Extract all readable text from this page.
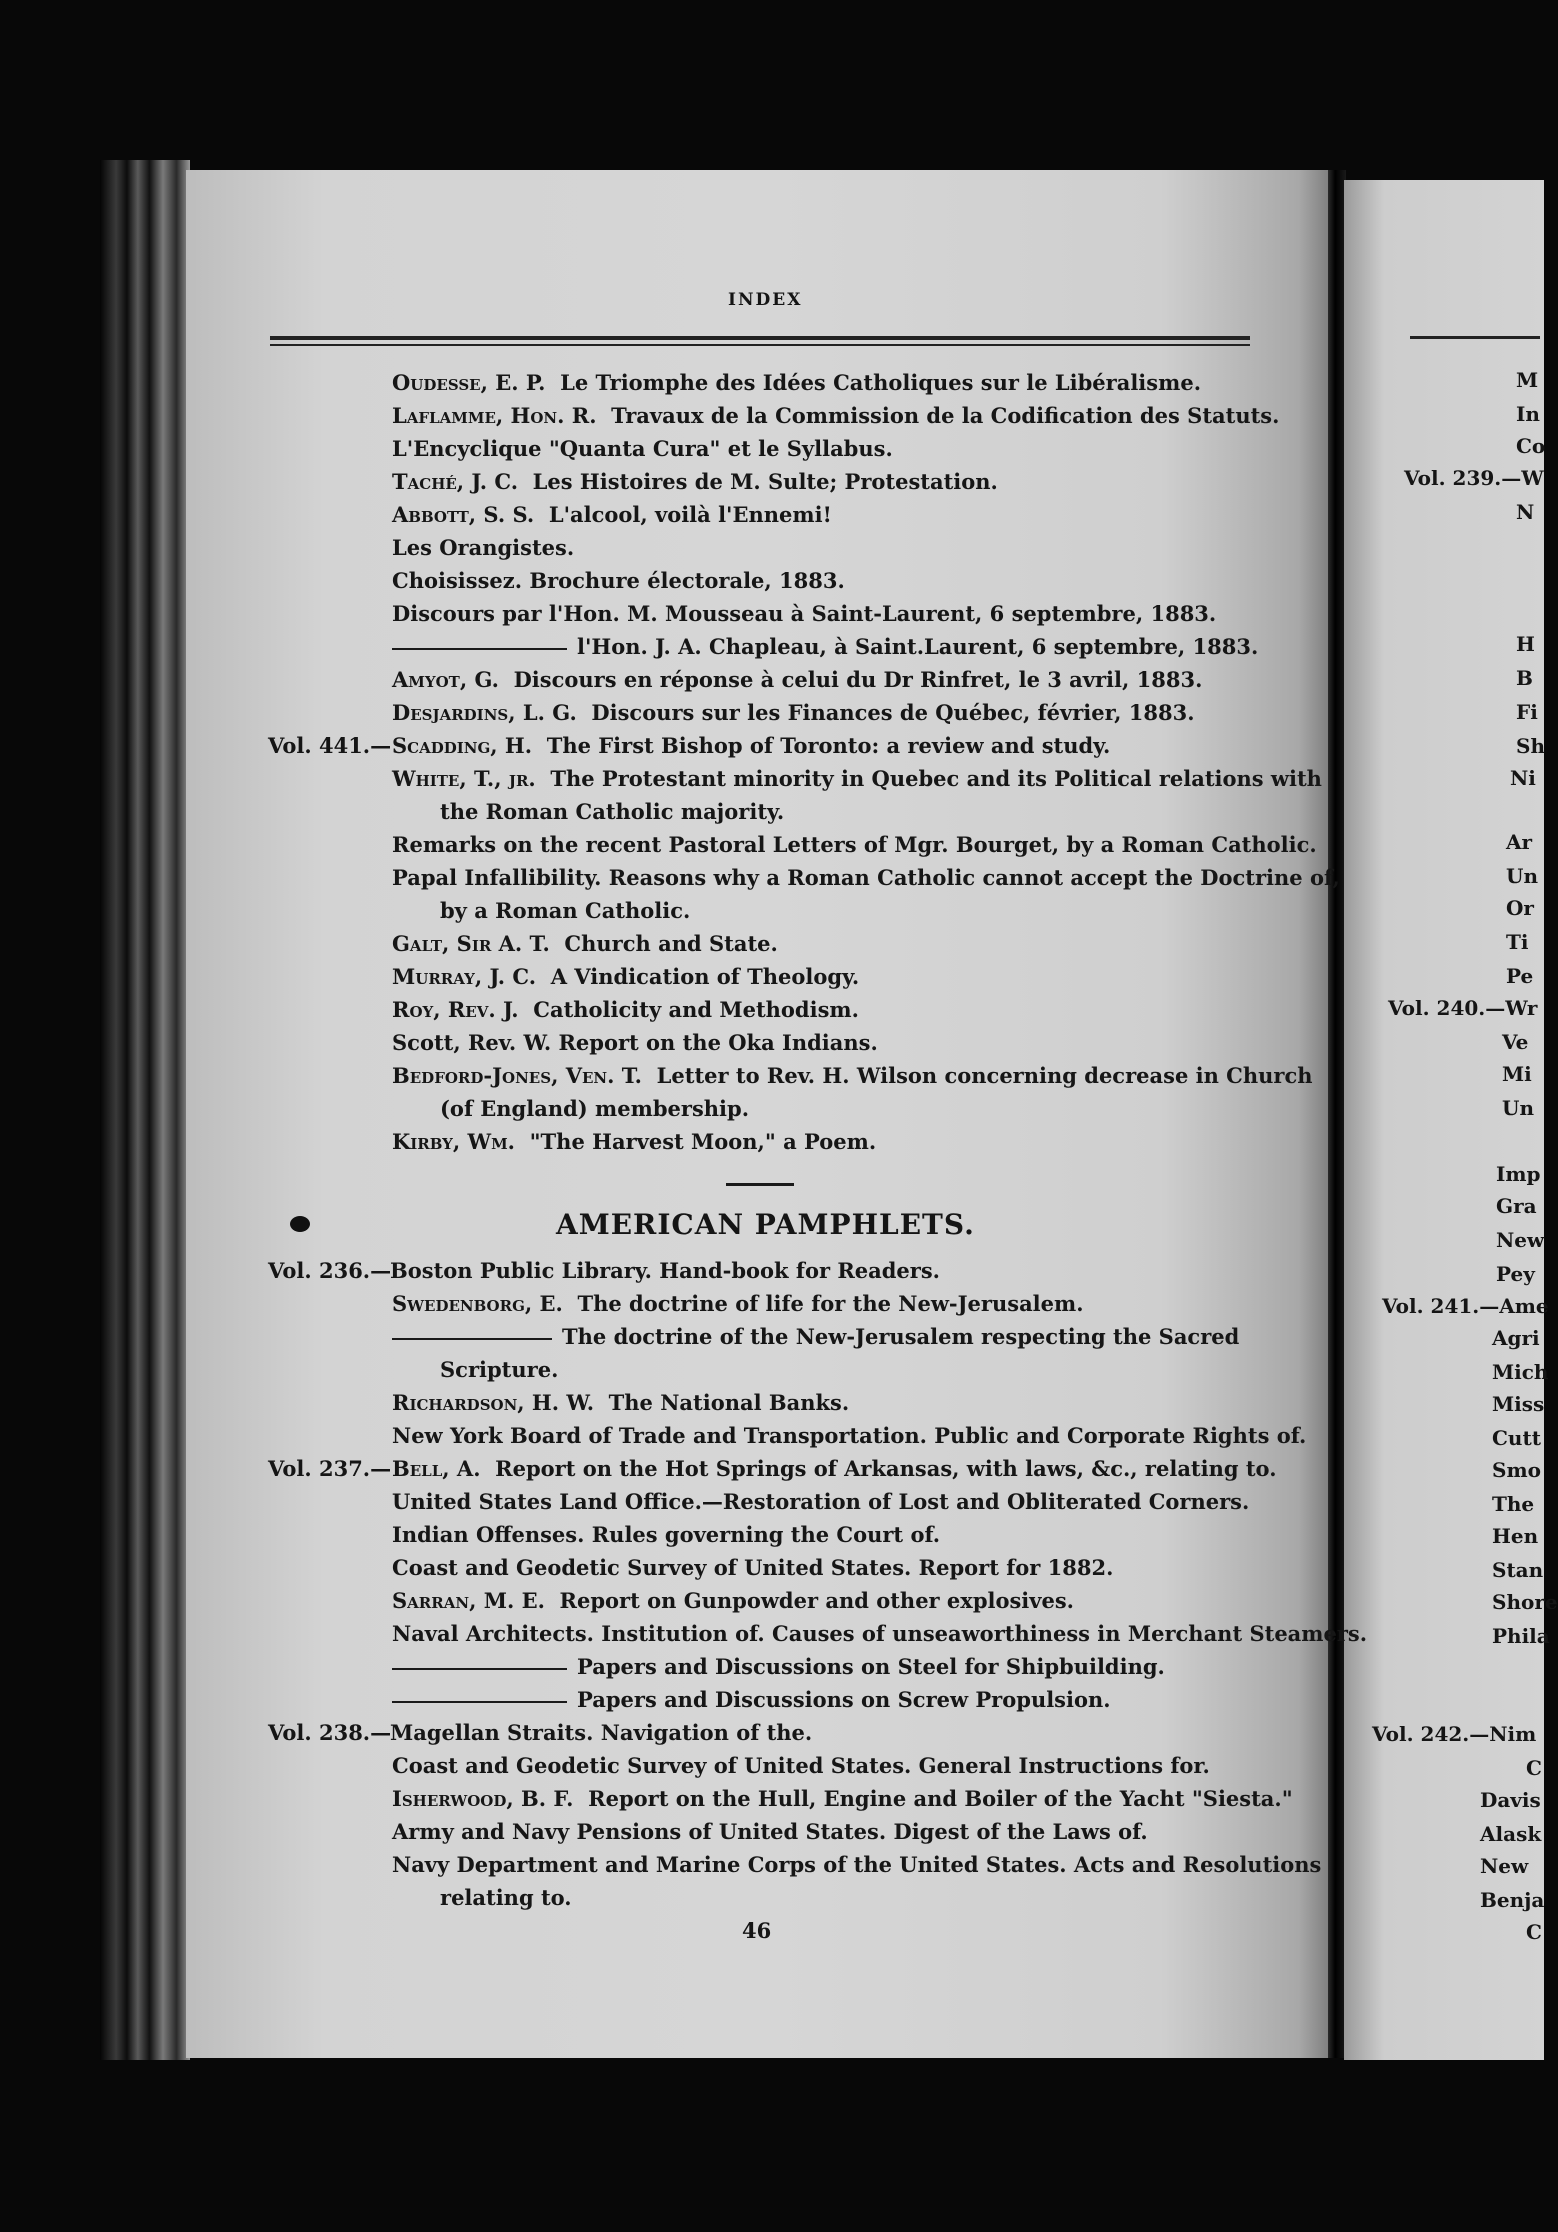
INDEX
Oudesse, E. P. Le Triomphe des Idées Catholiques sur le Libéralisme.
Laflamme, Hon. R. Travaux de la Commission de la Codification des Statuts.
L'Encyclique "Quanta Cura" et le Syllabus.
Taché, J. C. Les Histoires de M. Sulte; Protestation.
Abbott, S. S. L'alcool, voilà l'Ennemi!
Les Orangistes.
Choisissez. Brochure électorale, 1883.
Discours par l'Hon. M. Mousseau à Saint-Laurent, 6 septembre, 1883.
l'Hon. J. A. Chapleau, à Saint.Laurent, 6 septembre, 1883.
Amyot, G. Discours en réponse à celui du Dr Rinfret, le 3 avril, 1883.
Desjardins, L. G. Discours sur les Finances de Québec, février, 1883.
Vol. 441.— Scadding, H. The First Bishop of Toronto: a review and study.
White, T., jr. The Protestant minority in Quebec and its Political relations with
the Roman Catholic majority.
Remarks on the recent Pastoral Letters of Mgr. Bourget, by a Roman Catholic.
Papal Infallibility. Reasons why a Roman Catholic cannot accept the Doctrine of,
by a Roman Catholic.
Galt, Sir A. T. Church and State.
Murray, J. C. A Vindication of Theology.
Roy, Rev. J. Catholicity and Methodism.
Scott, Rev. W. Report on the Oka Indians.
Bedford-Jones, Ven. T. Letter to Rev. H. Wilson concerning decrease in Church
(of England) membership.
Kirby, Wm. "The Harvest Moon," a Poem.
AMERICAN PAMPHLETS.
Vol. 236.—
Boston Public Library. Hand-book for Readers.
Swedenborg, E. The doctrine of life for the New-Jerusalem.
The doctrine of the New-Jerusalem respecting the Sacred
Scripture.
Richardson, H. W. The National Banks.
New York Board of Trade and Transportation. Public and Corporate Rights of.
Vol. 237.— Bell, A. Report on the Hot Springs of Arkansas, with laws, &c., relating to.
United States Land Office.—Restoration of Lost and Obliterated Corners.
Indian Offenses. Rules governing the Court of.
Coast and Geodetic Survey of United States. Report for 1882.
Sarran, M. E. Report on Gunpowder and other explosives.
Naval Architects. Institution of. Causes of unseaworthiness in Merchant Steamers.
Papers and Discussions on Steel for Shipbuilding.
Papers and Discussions on Screw Propulsion.
Vol. 238.—
Magellan Straits. Navigation of the.
Coast and Geodetic Survey of United States. General Instructions for.
Isherwood, B. F. Report on the Hull, Engine and Boiler of the Yacht "Siesta."
Army and Navy Pensions of United States. Digest of the Laws of.
Navy Department and Marine Corps of the United States. Acts and Resolutions
relating to.
46
M
In
Co
Vol. 239.—W
N
H
B
Fi
Sh
Ni
Ar
Un
Or
Ti
Pe
Vol. 240.—Wr
Ve
Mi
Un
Imp
Gra
New
Pey
Vol. 241.—Ame
Agri
Mich
Miss
Cutt
Smo
The
Hen
Stan
Shore
Phila
Vol. 242.—Nim
C
Davis
Alask
New
Benja
C
